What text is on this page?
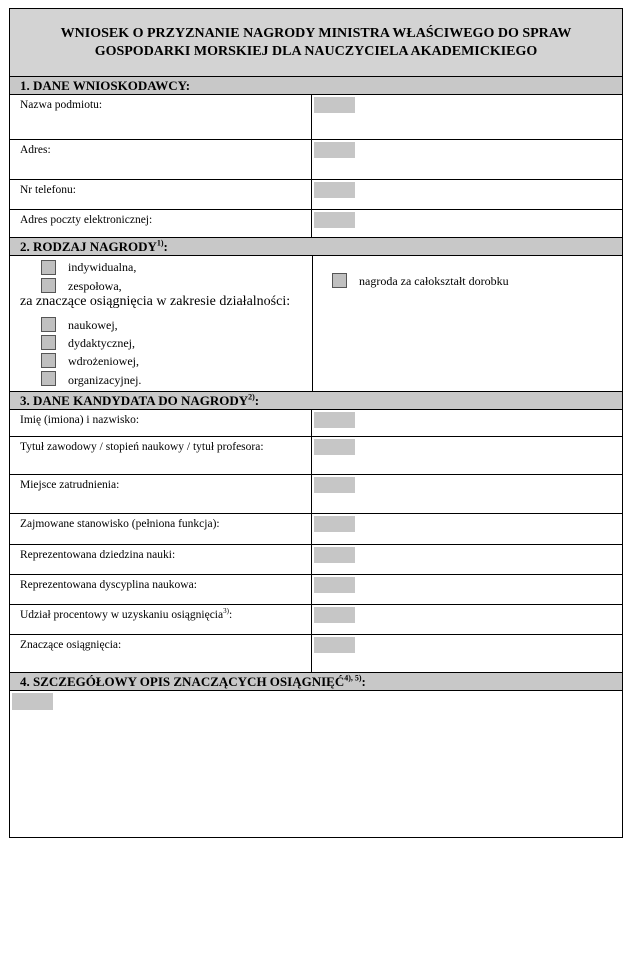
WNIOSEK O PRZYZNANIE NAGRODY MINISTRA WŁAŚCIWEGO DO SPRAW GOSPODARKI MORSKIEJ DLA NAUCZYCIELA AKADEMICKIEGO
1. DANE WNIOSKODAWCY:
Nazwa podmiotu:
Adres:
Nr telefonu:
Adres poczty elektronicznej:
2. RODZAJ NAGRODY$^{1)}$:
indywidualna,
zespołowa,
za znaczące osiągnięcia w zakresie działalności:
naukowej,
dydaktycznej,
wdrożeniowej,
organizacyjnej.
nagroda za całokształt dorobku
3. DANE KANDYDATA DO NAGRODY$^{2)}$:
Imię (imiona) i nazwisko:
Tytuł zawodowy / stopień naukowy / tytuł profesora:
Miejsce zatrudnienia:
Zajmowane stanowisko (pełniona funkcja):
Reprezentowana dziedzina nauki:
Reprezentowana dyscyplina naukowa:
Udział procentowy w uzyskaniu osiągnięcia$^{3)}$:
Znaczące osiągnięcia:
4. SZCZEGÓŁOWY OPIS ZNACZĄCYCH $OSIĄGNIĘĆ^{4), 5)}$:
